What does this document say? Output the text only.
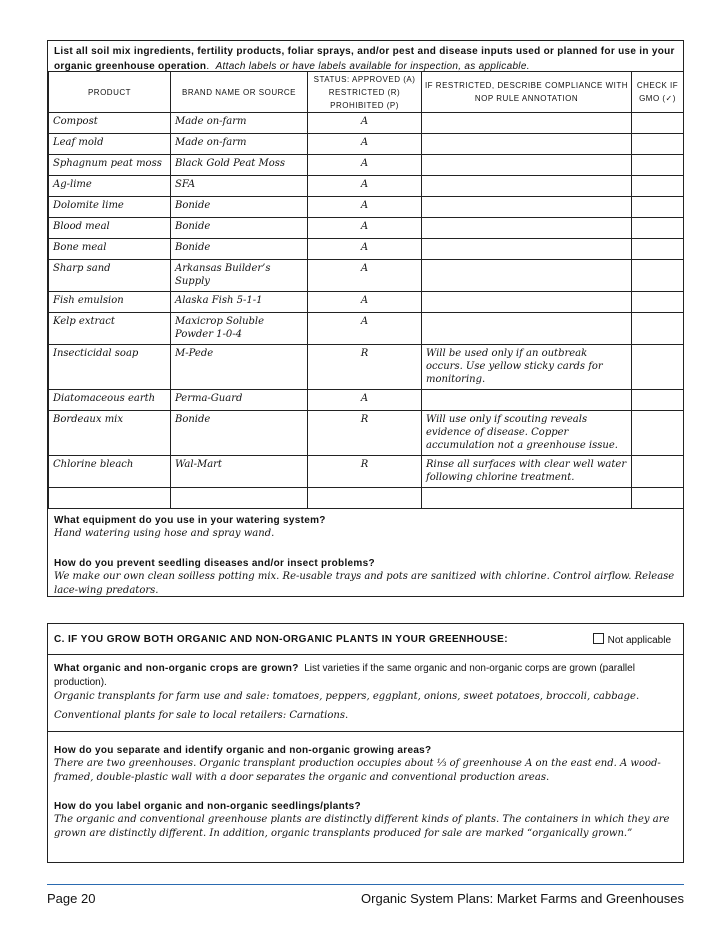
List all soil mix ingredients, fertility products, foliar sprays, and/or pest and disease inputs used or planned for use in your organic greenhouse operation.  Attach labels or have labels available for inspection, as applicable.
PRODUCT	BRAND NAME OR SOURCE	STATUS: APPROVED (A) RESTRICTED (R) PROHIBITED (P)	IF RESTRICTED, DESCRIBE COMPLIANCE WITH NOP RULE ANNOTATION	CHECK IF GMO (✓)
Compost	Made on-farm	A		
Leaf mold	Made on-farm	A		
Sphagnum peat moss	Black Gold Peat Moss	A		
Ag-lime	SFA	A		
Dolomite lime	Bonide	A		
Blood meal	Bonide	A		
Bone meal	Bonide	A		
Sharp sand	Arkansas Builder’s Supply	A		
Fish emulsion	Alaska Fish 5-1-1	A		
Kelp extract	Maxicrop Soluble Powder 1-0-4	A		
Insecticidal soap	M-Pede	R	Will be used only if an outbreak occurs. Use yellow sticky cards for monitoring.	
Diatomaceous earth	Perma-Guard	A		
Bordeaux mix	Bonide	R	Will use only if scouting reveals evidence of disease. Copper accumulation not a greenhouse issue.	
Chlorine bleach	Wal-Mart	R	Rinse all surfaces with clear well water following chlorine treatment.	

What equipment do you use in your watering system?
Hand watering using hose and spray wand.
How do you prevent seedling diseases and/or insect problems?
We make our own clean soilless potting mix. Re-usable trays and pots are sanitized with chlorine. Control airflow. Release lace-wing predators.
C. IF YOU GROW BOTH ORGANIC AND NON-ORGANIC PLANTS IN YOUR GREENHOUSE:	Not applicable
What organic and non-organic crops are grown? List varieties if the same organic and non-organic corps are grown (parallel production).
Organic transplants for farm use and sale: tomatoes, peppers, eggplant, onions, sweet potatoes, broccoli, cabbage.
Conventional plants for sale to local retailers: Carnations.
How do you separate and identify organic and non-organic growing areas?
There are two greenhouses. Organic transplant production occupies about ⅓ of greenhouse A on the east end. A wood-framed, double-plastic wall with a door separates the organic and conventional production areas.
How do you label organic and non-organic seedlings/plants?
The organic and conventional greenhouse plants are distinctly different kinds of plants. The containers in which they are grown are distinctly different. In addition, organic transplants produced for sale are marked “organically grown.”
Page 20	Organic System Plans: Market Farms and Greenhouses
